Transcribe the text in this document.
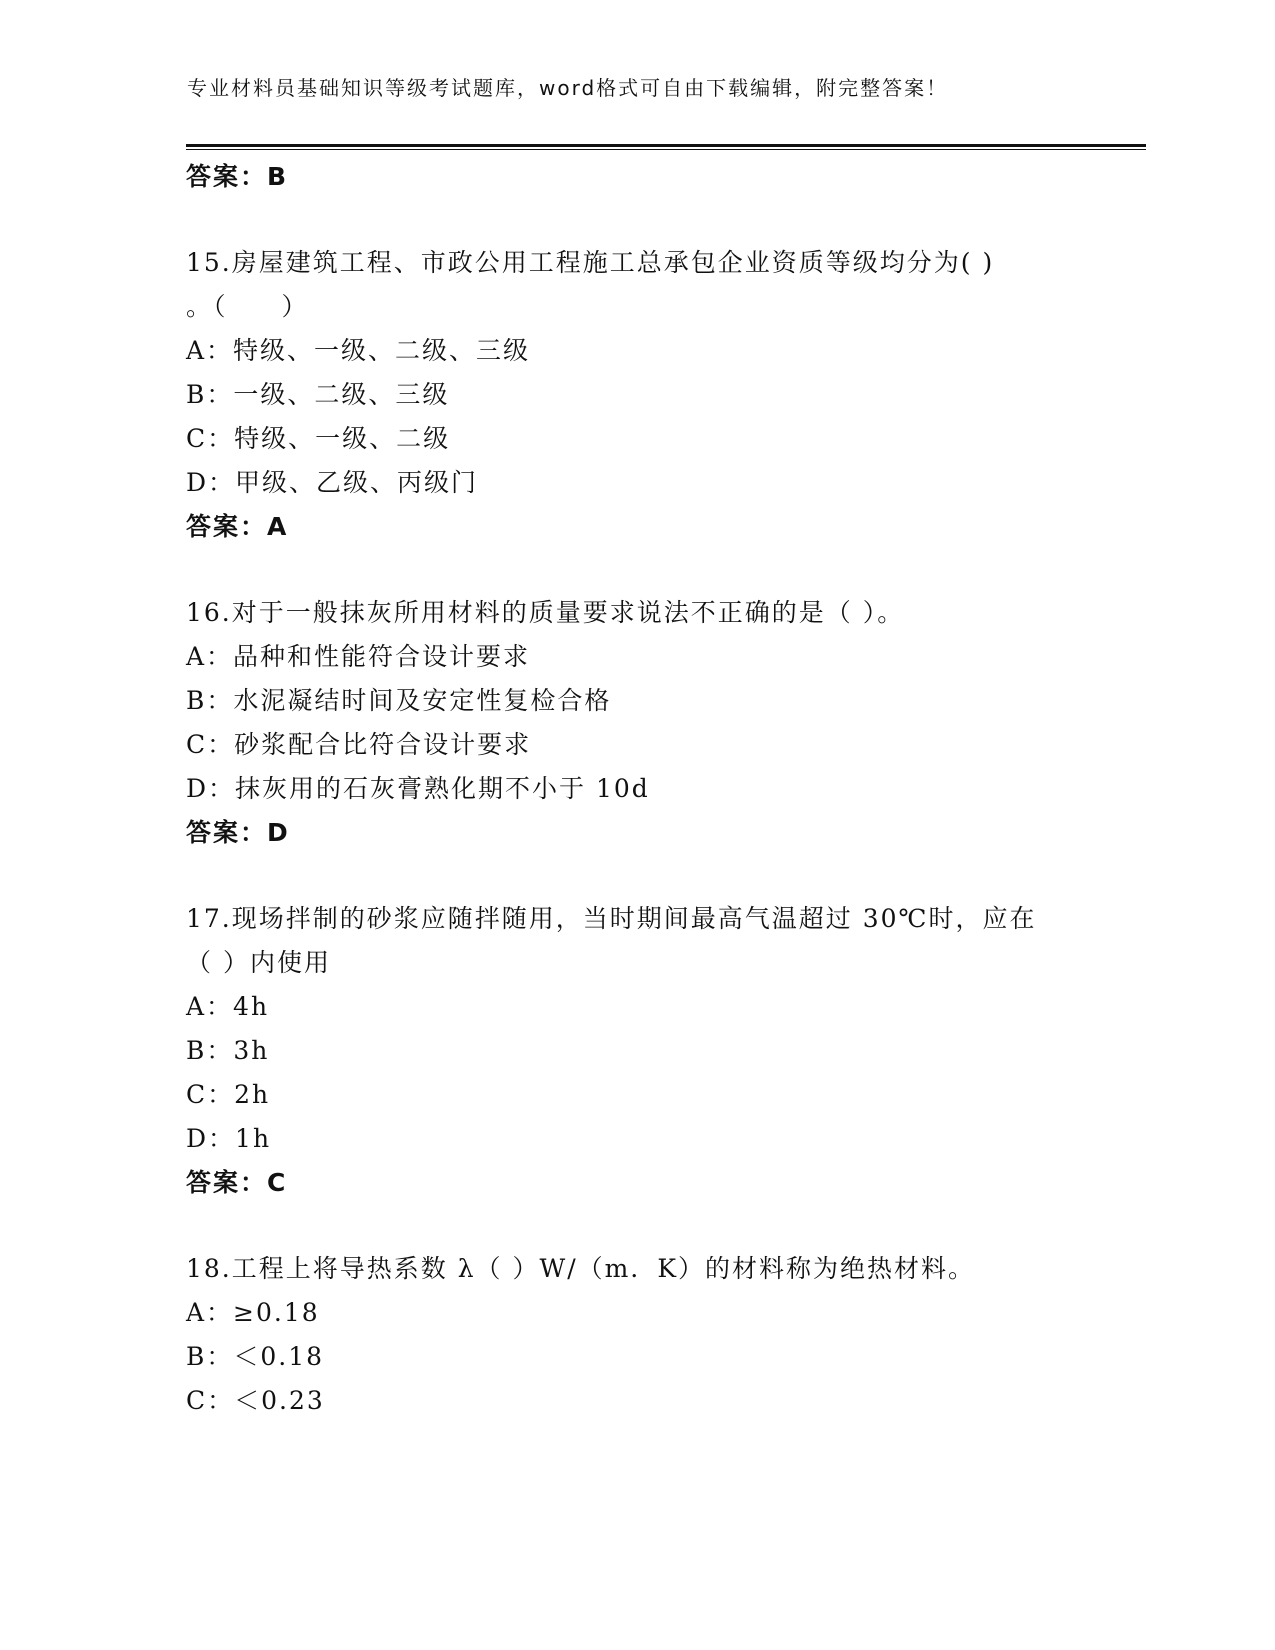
专业材料员基础知识等级考试题库，word格式可自由下载编辑，附完整答案！
答案：B
15.房屋建筑工程、市政公用工程施工总承包企业资质等级均分为( )
。（　　）
A：特级、一级、二级、三级
B：一级、二级、三级
C：特级、一级、二级
D：甲级、乙级、丙级门
答案：A
16.对于一般抹灰所用材料的质量要求说法不正确的是（ ）。
A：品种和性能符合设计要求
B：水泥凝结时间及安定性复检合格
C：砂浆配合比符合设计要求
D：抹灰用的石灰膏熟化期不小于 10d
答案：D
17.现场拌制的砂浆应随拌随用，当时期间最高气温超过 30℃时，应在
（ ）内使用
A：4h
B：3h
C：2h
D：1h
答案：C
18.工程上将导热系数 λ（ ）W/（m．K）的材料称为绝热材料。
A：≥0.18
B：＜0.18
C：＜0.23
